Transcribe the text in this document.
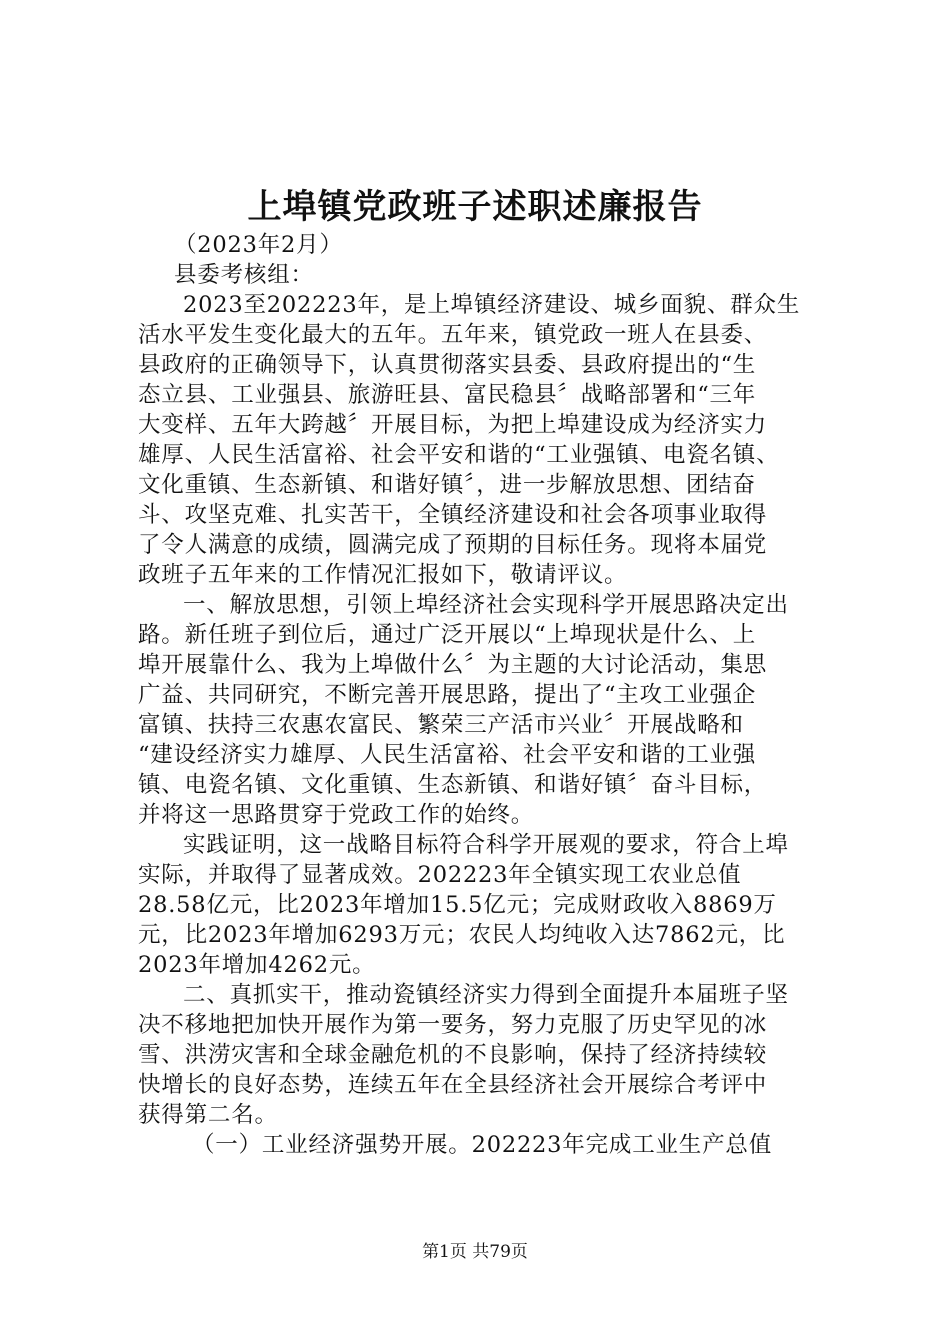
上埠镇党政班子述职述廉报告

（2023年2月）

县委考核组：

2023至202223年，是上埠镇经济建设、城乡面貌、群众生

活水平发生变化最大的五年。五年来，镇党政一班人在县委、

县政府的正确领导下，认真贯彻落实县委、县政府提出的“生

态立县、工业强县、旅游旺县、富民稳县〞战略部署和“三年

大变样、五年大跨越〞开展目标，为把上埠建设成为经济实力

雄厚、人民生活富裕、社会平安和谐的“工业强镇、电瓷名镇、

文化重镇、生态新镇、和谐好镇〞，进一步解放思想、团结奋

斗、攻坚克难、扎实苦干，全镇经济建设和社会各项事业取得

了令人满意的成绩，圆满完成了预期的目标任务。现将本届党

政班子五年来的工作情况汇报如下，敬请评议。

一、解放思想，引领上埠经济社会实现科学开展思路决定出

路。新任班子到位后，通过广泛开展以“上埠现状是什么、上

埠开展靠什么、我为上埠做什么〞为主题的大讨论活动，集思

广益、共同研究，不断完善开展思路，提出了“主攻工业强企

富镇、扶持三农惠农富民、繁荣三产活市兴业〞开展战略和

“建设经济实力雄厚、人民生活富裕、社会平安和谐的工业强

镇、电瓷名镇、文化重镇、生态新镇、和谐好镇〞奋斗目标，

并将这一思路贯穿于党政工作的始终。

实践证明，这一战略目标符合科学开展观的要求，符合上埠

实际，并取得了显著成效。202223年全镇实现工农业总值

28.58亿元，比2023年增加15.5亿元；完成财政收入8869万

元，比2023年增加6293万元；农民人均纯收入达7862元，比

2023年增加4262元。

二、真抓实干，推动瓷镇经济实力得到全面提升本届班子坚

决不移地把加快开展作为第一要务，努力克服了历史罕见的冰

雪、洪涝灾害和全球金融危机的不良影响，保持了经济持续较

快增长的良好态势，连续五年在全县经济社会开展综合考评中

获得第二名。

（一）工业经济强势开展。202223年完成工业生产总值

第1页 共79页
